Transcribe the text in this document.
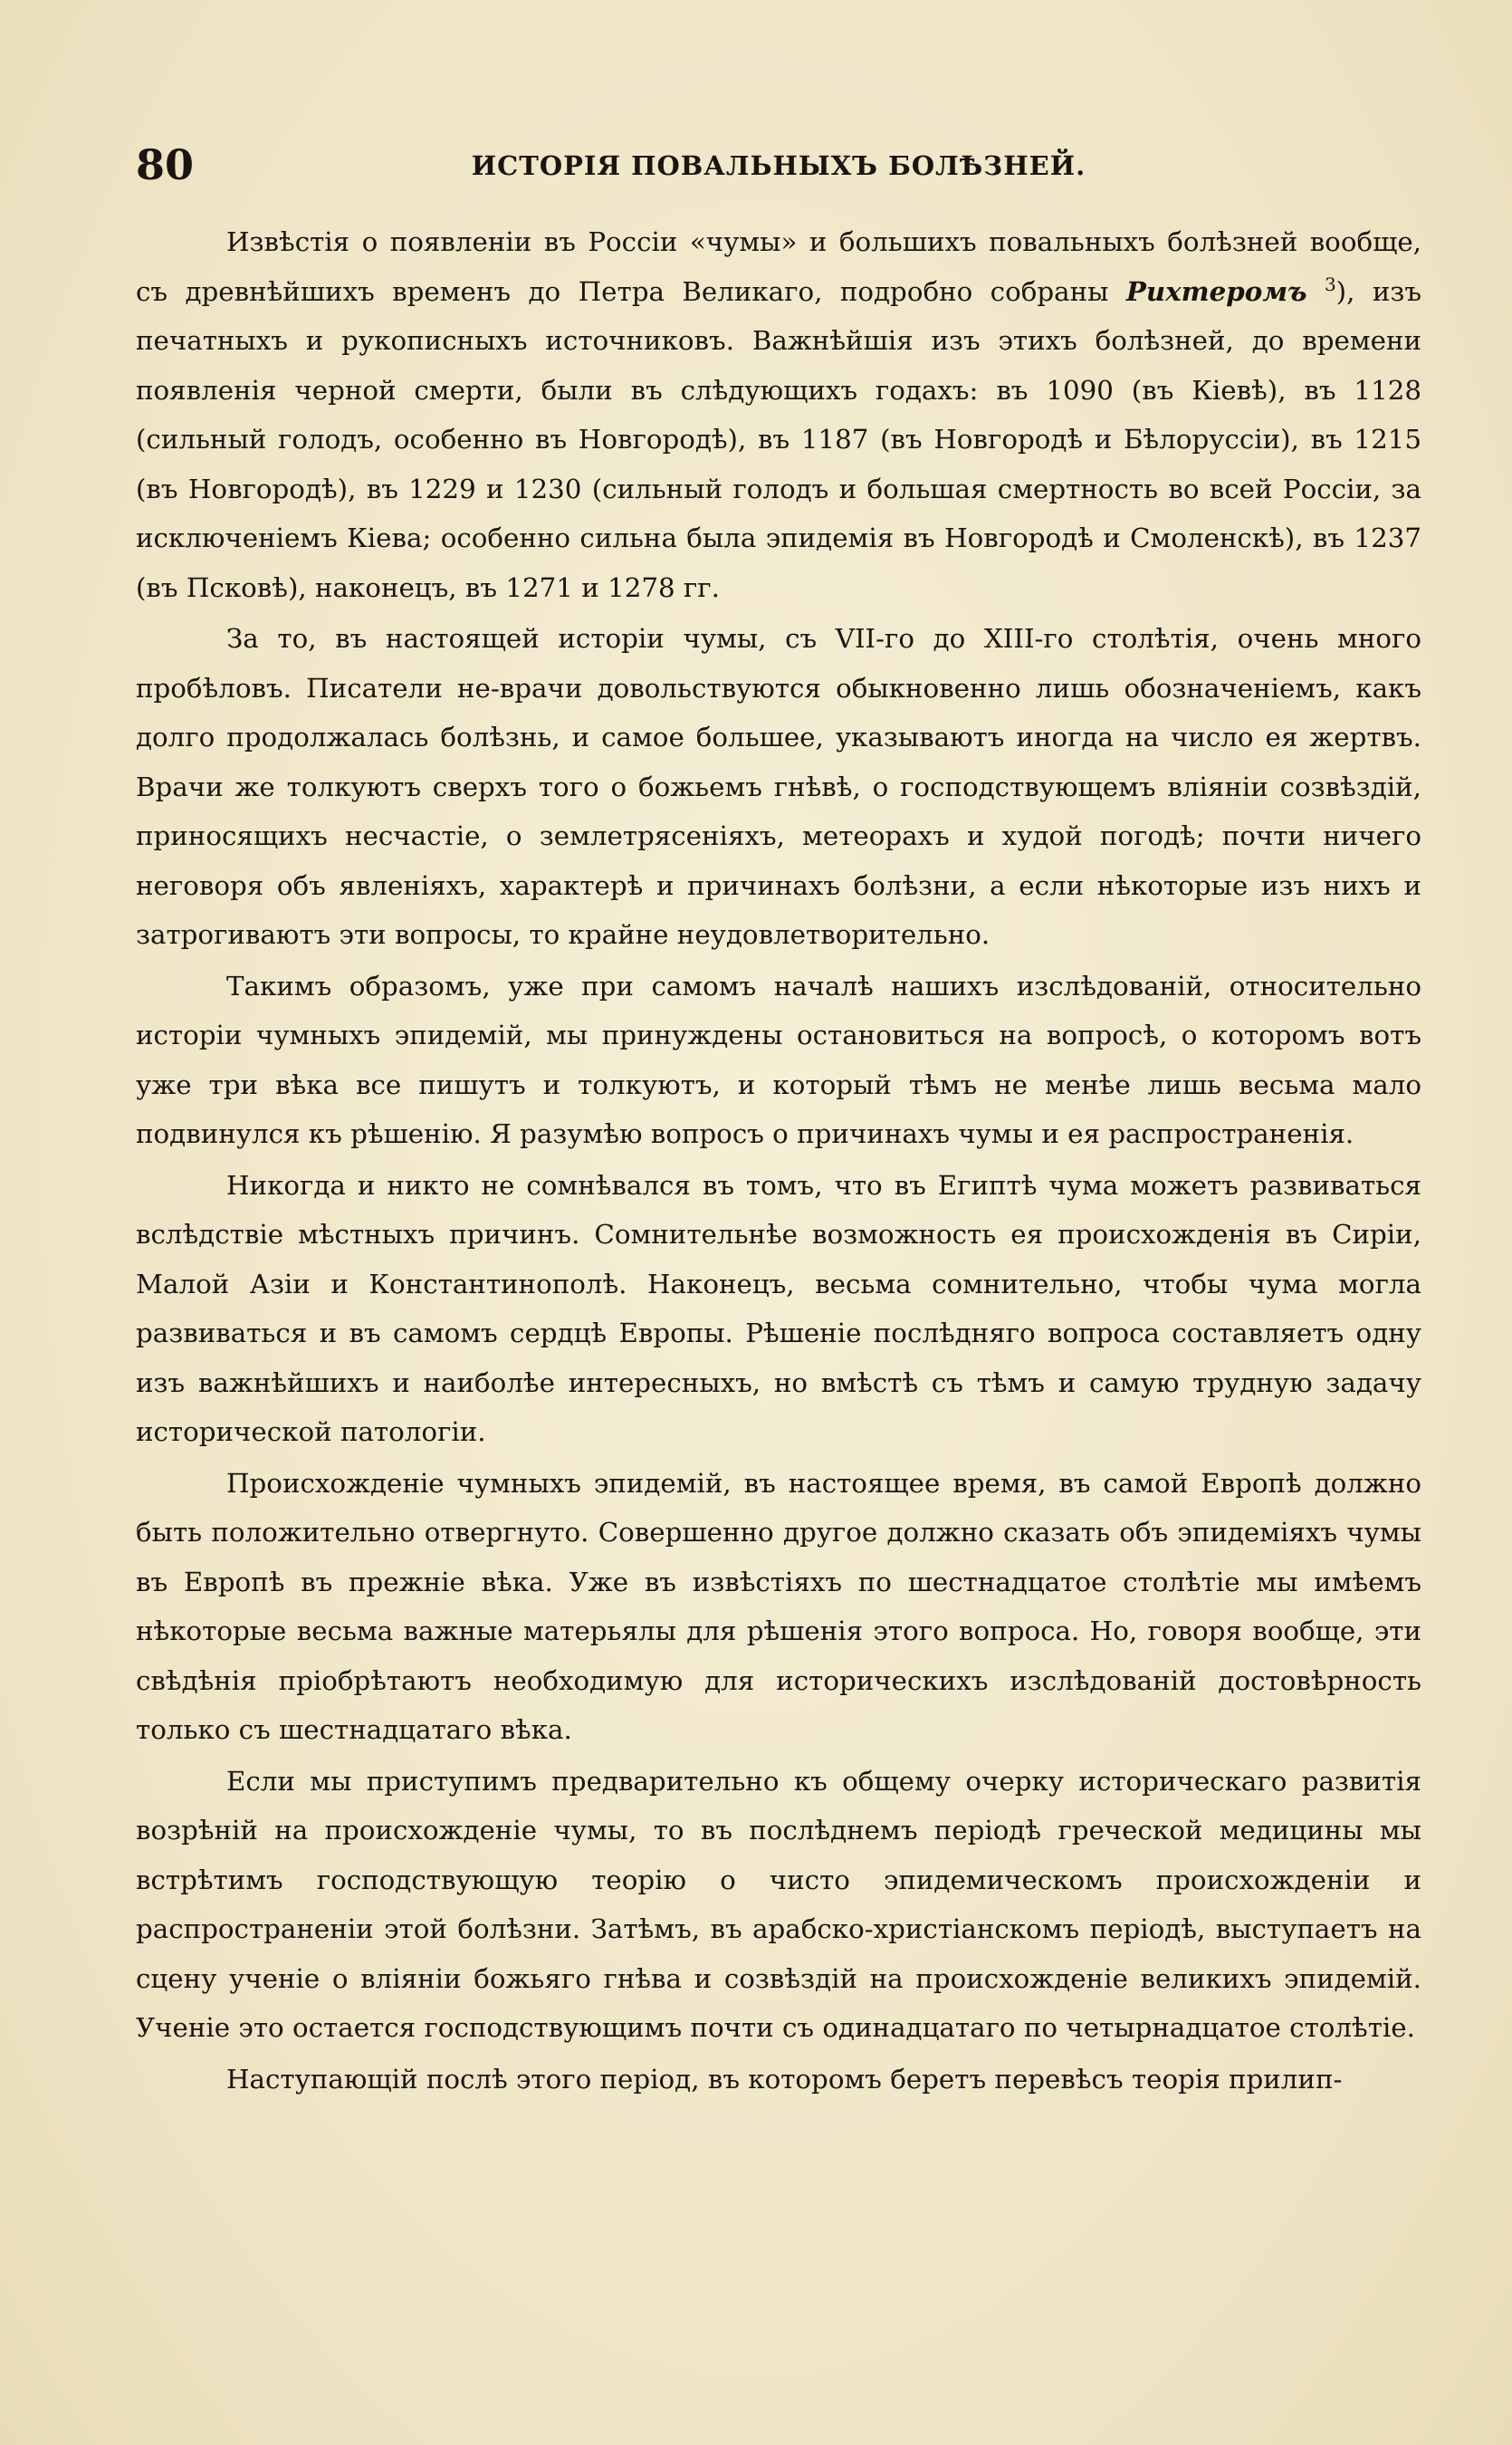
80	ИСТОРІЯ ПОВАЛЬНЫХЪ БОЛѢЗНЕЙ.

Извѣстія о появленіи въ Россіи «чумы» и большихъ повальныхъ болѣзней вообще, съ древнѣйшихъ временъ до Петра Великаго, подробно собраны Рихтеромъ $^3$), изъ печатныхъ и рукописныхъ источниковъ. Важнѣйшія изъ этихъ болѣзней, до времени появленія черной смерти, были въ слѣдующихъ годахъ: въ 1090 (въ Кіевѣ), въ 1128 (сильный голодъ, особенно въ Новгородѣ), въ 1187 (въ Новгородѣ и Бѣлоруссіи), въ 1215 (въ Новгородѣ), въ 1229 и 1230 (сильный голодъ и большая смертность во всей Россіи, за исключеніемъ Кіева; особенно сильна была эпидемія въ Новгородѣ и Смоленскѣ), въ 1237 (въ Псковѣ), наконецъ, въ 1271 и 1278 гг.

За то, въ настоящей исторіи чумы, съ VII-го до XIII-го столѣтія, очень много пробѣловъ. Писатели не-врачи довольствуются обыкновенно лишь обозначеніемъ, какъ долго продолжалась болѣзнь, и самое большее, указываютъ иногда на число ея жертвъ. Врачи же толкуютъ сверхъ того о божьемъ гнѣвѣ, о господствующемъ вліяніи созвѣздій, приносящихъ несчастіе, о землетрясеніяхъ, метеорахъ и худой погодѣ; почти ничего неговоря объ явленіяхъ, характерѣ и причинахъ болѣзни, а если нѣкоторые изъ нихъ и затрогиваютъ эти вопросы, то крайне неудовлетворительно.

Такимъ образомъ, уже при самомъ началѣ нашихъ изслѣдованій, относительно исторіи чумныхъ эпидемій, мы принуждены остановиться на вопросѣ, о которомъ вотъ уже три вѣка все пишутъ и толкуютъ, и который тѣмъ не менѣе лишь весьма мало подвинулся къ рѣшенію. Я разумѣю вопросъ о причинахъ чумы и ея распространенія.

Никогда и никто не сомнѣвался въ томъ, что въ Египтѣ чума можетъ развиваться вслѣдствіе мѣстныхъ причинъ. Сомнительнѣе возможность ея происхожденія въ Сиріи, Малой Азіи и Константинополѣ. Наконецъ, весьма сомнительно, чтобы чума могла развиваться и въ самомъ сердцѣ Европы. Рѣшеніе послѣдняго вопроса составляетъ одну изъ важнѣйшихъ и наиболѣе интересныхъ, но вмѣстѣ съ тѣмъ и самую трудную задачу исторической патологіи.

Происхожденіе чумныхъ эпидемій, въ настоящее время, въ самой Европѣ должно быть положительно отвергнуто. Совершенно другое должно сказать объ эпидеміяхъ чумы въ Европѣ въ прежніе вѣка. Уже въ извѣстіяхъ по шестнадцатое столѣтіе мы имѣемъ нѣкоторые весьма важные матерьялы для рѣшенія этого вопроса. Но, говоря вообще, эти свѣдѣнія пріобрѣтаютъ необходимую для историческихъ изслѣдованій достовѣрность только съ шестнадцатаго вѣка.

Если мы приступимъ предварительно къ общему очерку историческаго развитія возрѣній на происхожденіе чумы, то въ послѣднемъ періодѣ греческой медицины мы встрѣтимъ господствующую теорію о чисто эпидемическомъ происхожденіи и распространеніи этой болѣзни. Затѣмъ, въ арабско-христіанскомъ періодѣ, выступаетъ на сцену ученіе о вліяніи божьяго гнѣва и созвѣздій на происхожденіе великихъ эпидемій. Ученіе это остается господствующимъ почти съ одинадцатаго по четырнадцатое столѣтіе.

Наступающій послѣ этого період, въ которомъ беретъ перевѣсъ теорія прилип-
